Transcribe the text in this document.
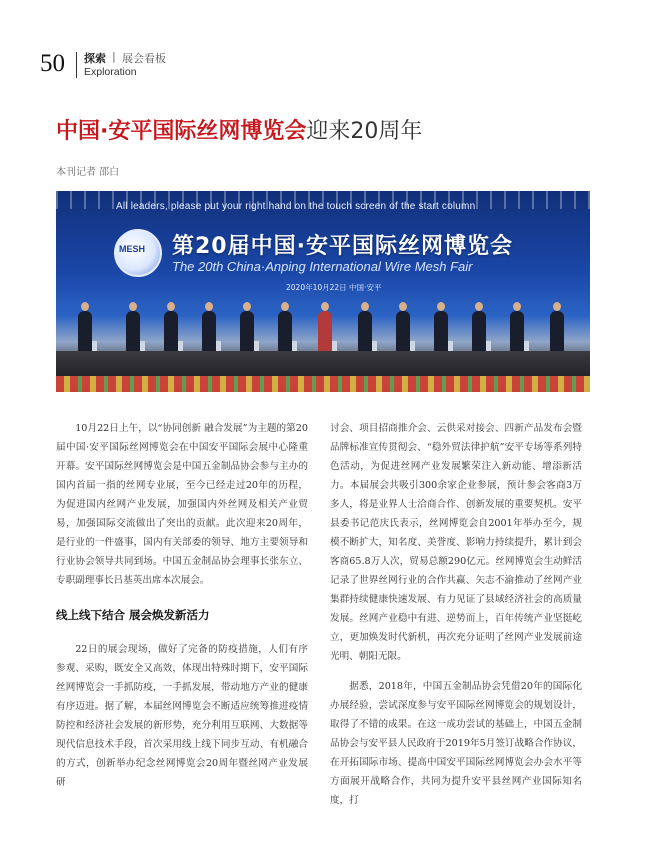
50 探索 | 展会看板
Exploration
中国·安平国际丝网博览会迎来20周年
本刊记者 邵白
All leaders, please put your right hand on the touch screen of the start column
MESH 第20届中国·安平国际丝网博览会
The 20th China·Anping International Wire Mesh Fair
2020年10月22日 中国·安平

10月22日上午，以“协同创新 融合发展”为主题的第20届中国·安平国际丝网博览会在中国安平国际会展中心隆重开幕。安平国际丝网博览会是中国五金制品协会参与主办的国内首届一指的丝网专业展，至今已经走过20年的历程，为促进国内丝网产业发展，加强国内外丝网及相关产业贸易，加强国际交流做出了突出的贡献。此次迎来20周年，是行业的一件盛事，国内有关部委的领导、地方主要领导和行业协会领导共同到场。中国五金制品协会理事长张东立、专职副理事长吕基英出席本次展会。

线上线下结合 展会焕发新活力

22日的展会现场，做好了完备的防疫措施，人们有序参观、采购，既安全又高效，体现出特殊时期下，安平国际丝网博览会一手抓防疫，一手抓发展，带动地方产业的健康有序迈进。据了解，本届丝网博览会不断适应统筹推进疫情防控和经济社会发展的新形势，充分利用互联网、大数据等现代信息技术手段，首次采用线上线下同步互动、有机融合的方式，创新举办纪念丝网博览会20周年暨丝网产业发展研

讨会、项目招商推介会、云供采对接会、四新产品发布会暨品牌标准宣传贯彻会、“稳外贸法律护航”安平专场等系列特色活动，为促进丝网产业发展繁荣注入新动能、增添新活力。本届展会共吸引300余家企业参展，预计参会客商3万多人，将是业界人士洽商合作、创新发展的重要契机。安平县委书记范庆氏表示，丝网博览会自2001年举办至今，规模不断扩大，知名度、美誉度、影响力持续提升，累计到会客商65.8万人次，贸易总额290亿元。丝网博览会生动鲜活记录了世界丝网行业的合作共赢、矢志不渝推动了丝网产业集群持续健康快速发展、有力见证了县域经济社会的高质量发展。丝网产业稳中有进、逆势而上，百年传统产业坚挺屹立，更加焕发时代新机，再次充分证明了丝网产业发展前途光明、朝阳无限。

据悉，2018年，中国五金制品协会凭借20年的国际化办展经验，尝试深度参与安平国际丝网博览会的规划设计，取得了不错的成果。在这一成功尝试的基础上，中国五金制品协会与安平县人民政府于2019年5月签订战略合作协议，在开拓国际市场、提高中国安平国际丝网博览会办会水平等方面展开战略合作，共同为提升安平县丝网产业国际知名度，打
